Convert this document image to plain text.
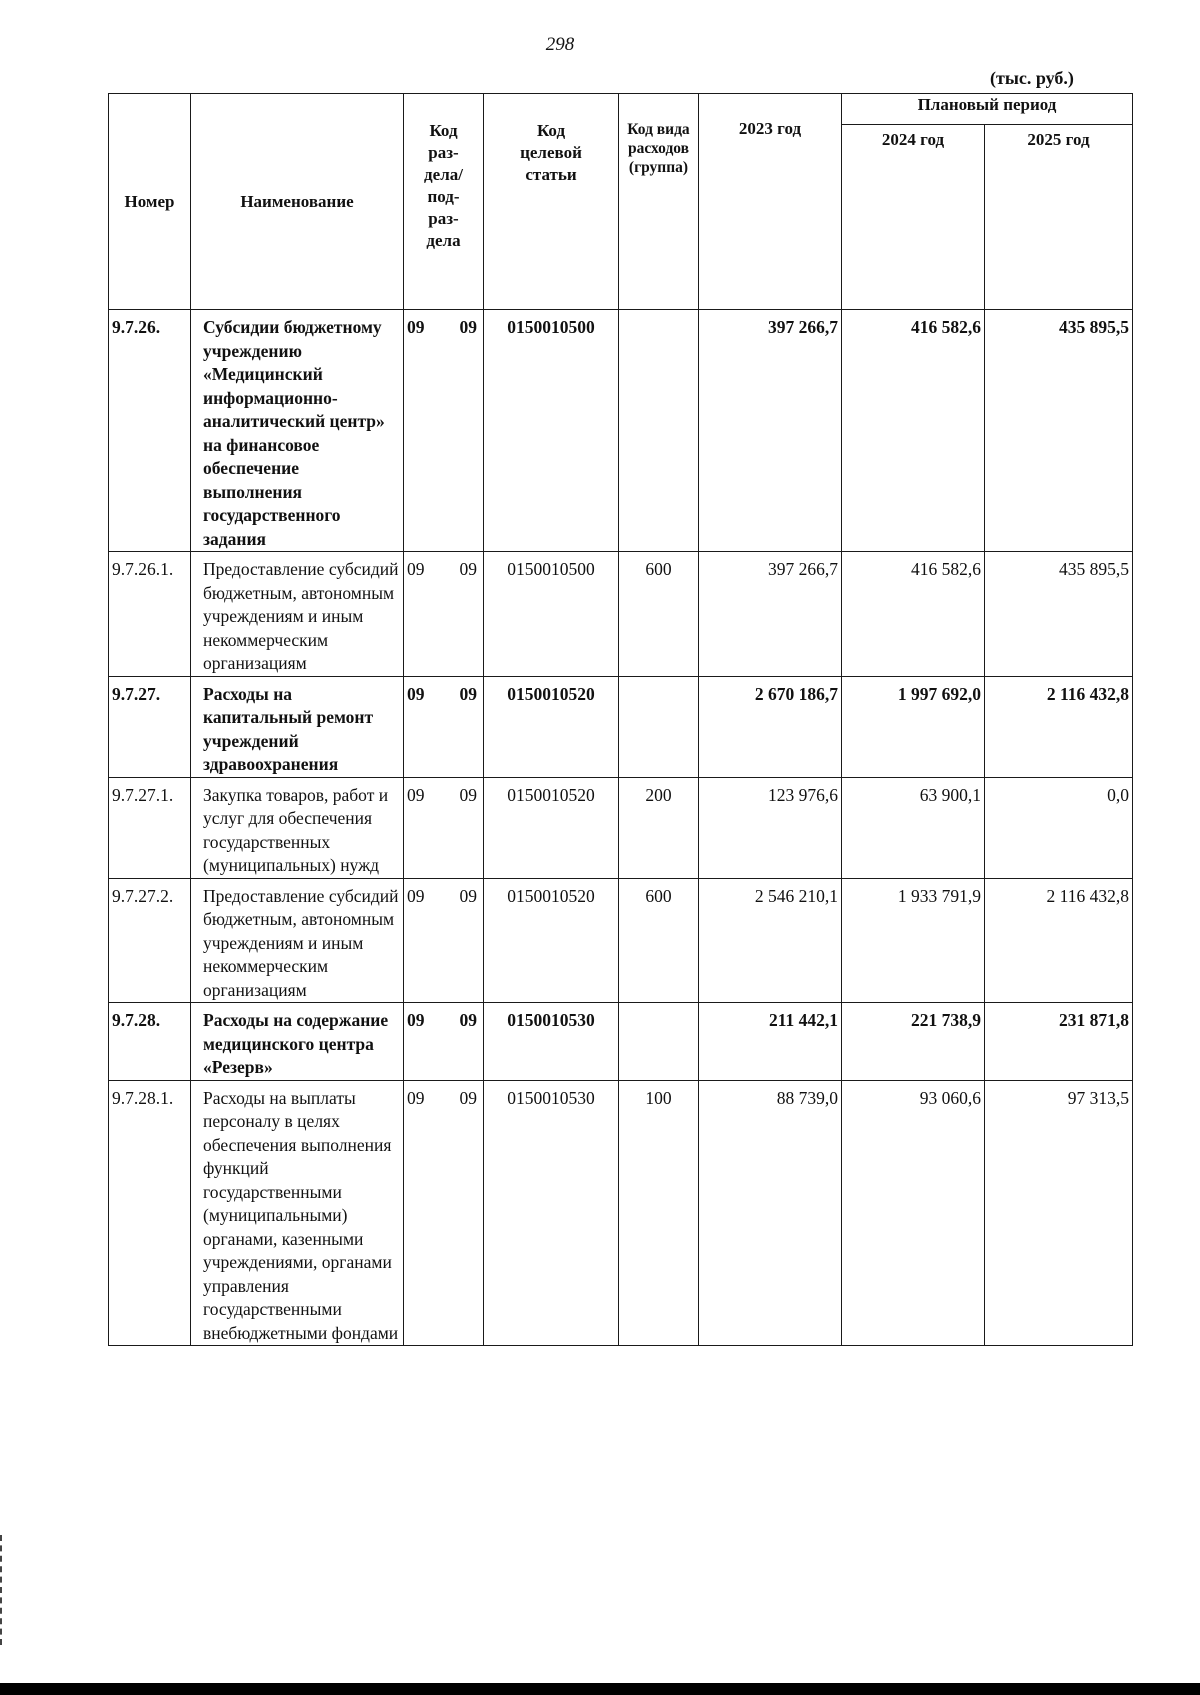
298
(тыс. руб.)
Номер	Наименование	Код раз- дела/ под- раз- дела	Код целевой статьи	Код вида расходов (группа)	2023 год	Плановый период	
						2024 год	2025 год
9.7.26.	Субсидии бюджетному учреждению «Медицинский информационно-аналитический центр» на финансовое обеспечение выполнения государственного задания	09 09	0150010500		397 266,7	416 582,6	435 895,5
9.7.26.1.	Предоставление субсидий бюджетным, автономным учреждениям и иным некоммерческим организациям	09 09	0150010500	600	397 266,7	416 582,6	435 895,5
9.7.27.	Расходы на капитальный ремонт учреждений здравоохранения	09 09	0150010520		2 670 186,7	1 997 692,0	2 116 432,8
9.7.27.1.	Закупка товаров, работ и услуг для обеспечения государственных (муниципальных) нужд	09 09	0150010520	200	123 976,6	63 900,1	0,0
9.7.27.2.	Предоставление субсидий бюджетным, автономным учреждениям и иным некоммерческим организациям	09 09	0150010520	600	2 546 210,1	1 933 791,9	2 116 432,8
9.7.28.	Расходы на содержание медицинского центра «Резерв»	09 09	0150010530		211 442,1	221 738,9	231 871,8
9.7.28.1.	Расходы на выплаты персоналу в целях обеспечения выполнения функций государственными (муниципальными) органами, казенными учреждениями, органами управления государственными внебюджетными фондами	09 09	0150010530	100	88 739,0	93 060,6	97 313,5
